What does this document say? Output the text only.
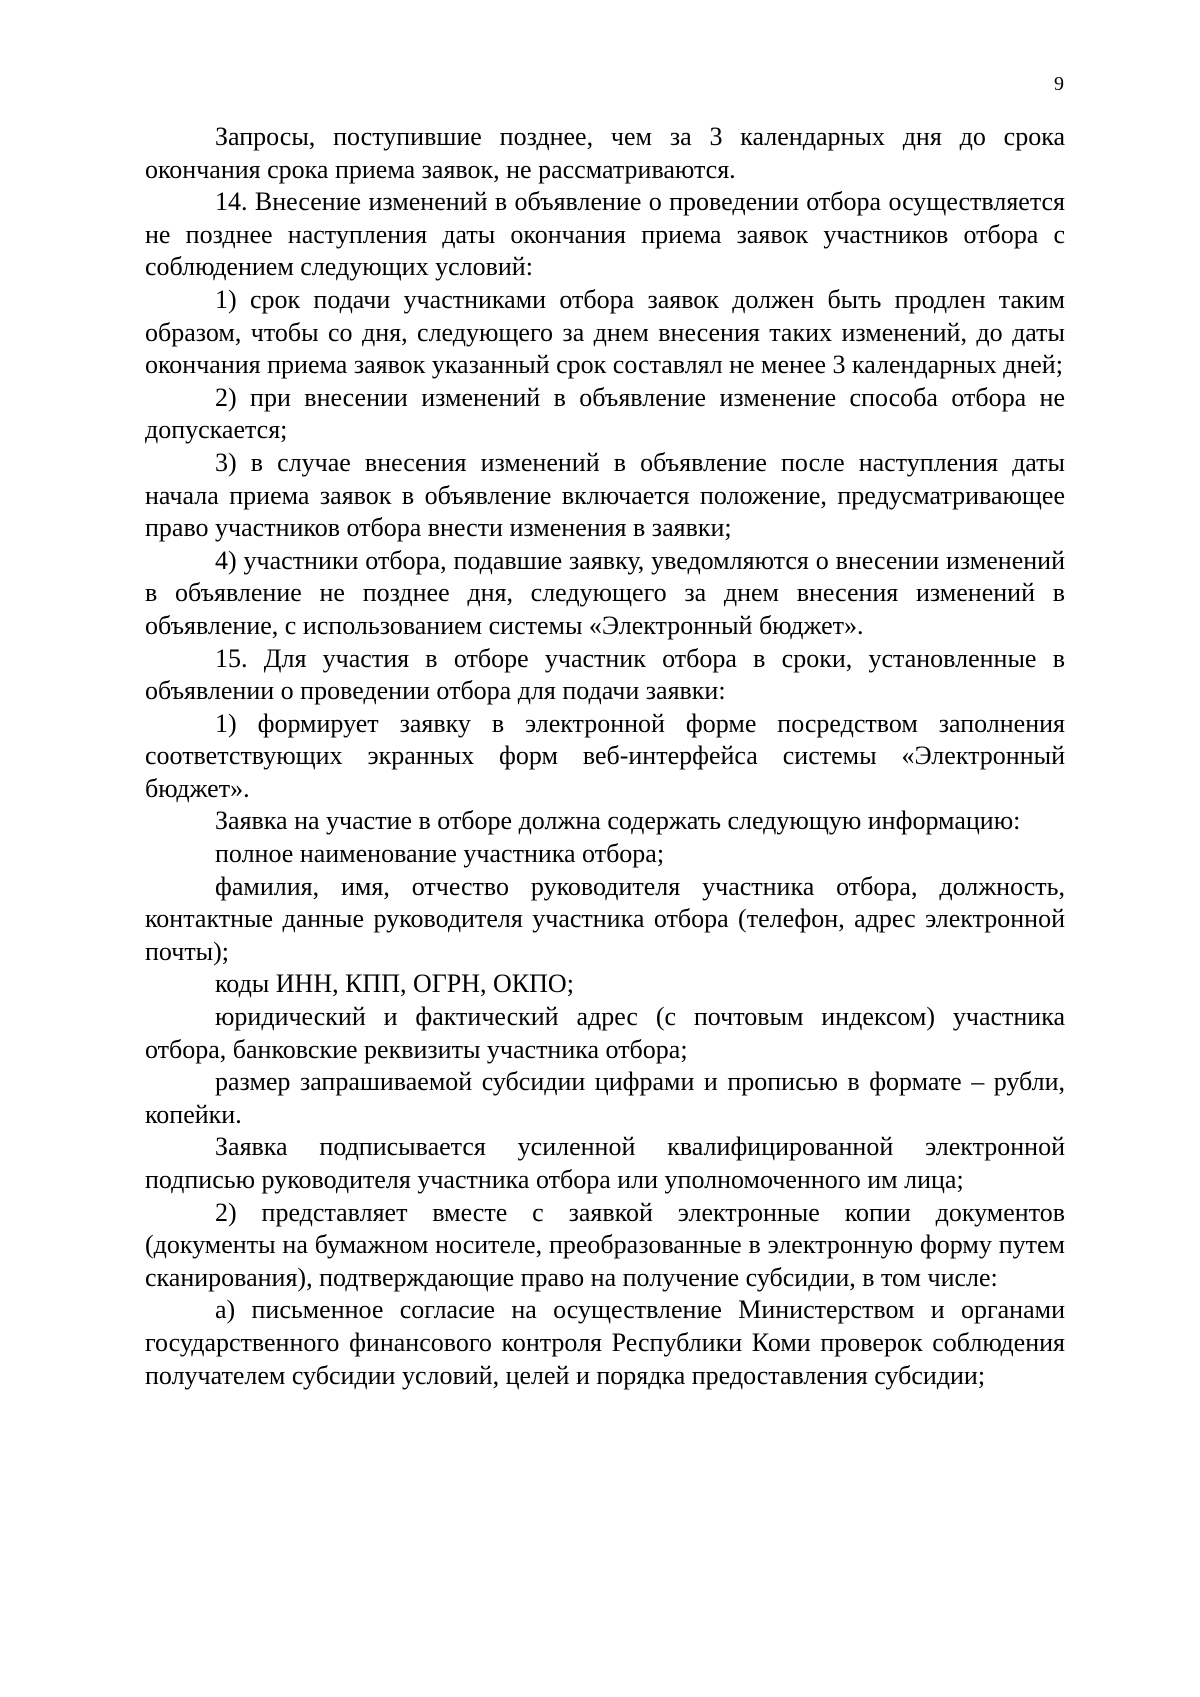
9

Запросы, поступившие позднее, чем за 3 календарных дня до срока окончания срока приема заявок, не рассматриваются.

14. Внесение изменений в объявление о проведении отбора осуществляется не позднее наступления даты окончания приема заявок участников отбора с соблюдением следующих условий:

1) срок подачи участниками отбора заявок должен быть продлен таким образом, чтобы со дня, следующего за днем внесения таких изменений, до даты окончания приема заявок указанный срок составлял не менее 3 календарных дней;

2) при внесении изменений в объявление изменение способа отбора не допускается;

3) в случае внесения изменений в объявление после наступления даты начала приема заявок в объявление включается положение, предусматривающее право участников отбора внести изменения в заявки;

4) участники отбора, подавшие заявку, уведомляются о внесении изменений в объявление не позднее дня, следующего за днем внесения изменений в объявление, с использованием системы «Электронный бюджет».

15. Для участия в отборе участник отбора в сроки, установленные в объявлении о проведении отбора для подачи заявки:

1) формирует заявку в электронной форме посредством заполнения соответствующих экранных форм веб-интерфейса системы «Электронный бюджет».

Заявка на участие в отборе должна содержать следующую информацию:

полное наименование участника отбора;

фамилия, имя, отчество руководителя участника отбора, должность, контактные данные руководителя участника отбора (телефон, адрес электронной почты);

коды ИНН, КПП, ОГРН, ОКПО;

юридический и фактический адрес (с почтовым индексом) участника отбора, банковские реквизиты участника отбора;

размер запрашиваемой субсидии цифрами и прописью в формате – рубли, копейки.

Заявка подписывается усиленной квалифицированной электронной подписью руководителя участника отбора или уполномоченного им лица;

2) представляет вместе с заявкой электронные копии документов (документы на бумажном носителе, преобразованные в электронную форму путем сканирования), подтверждающие право на получение субсидии, в том числе:

а) письменное согласие на осуществление Министерством и органами государственного финансового контроля Республики Коми проверок соблюдения получателем субсидии условий, целей и порядка предоставления субсидии;
